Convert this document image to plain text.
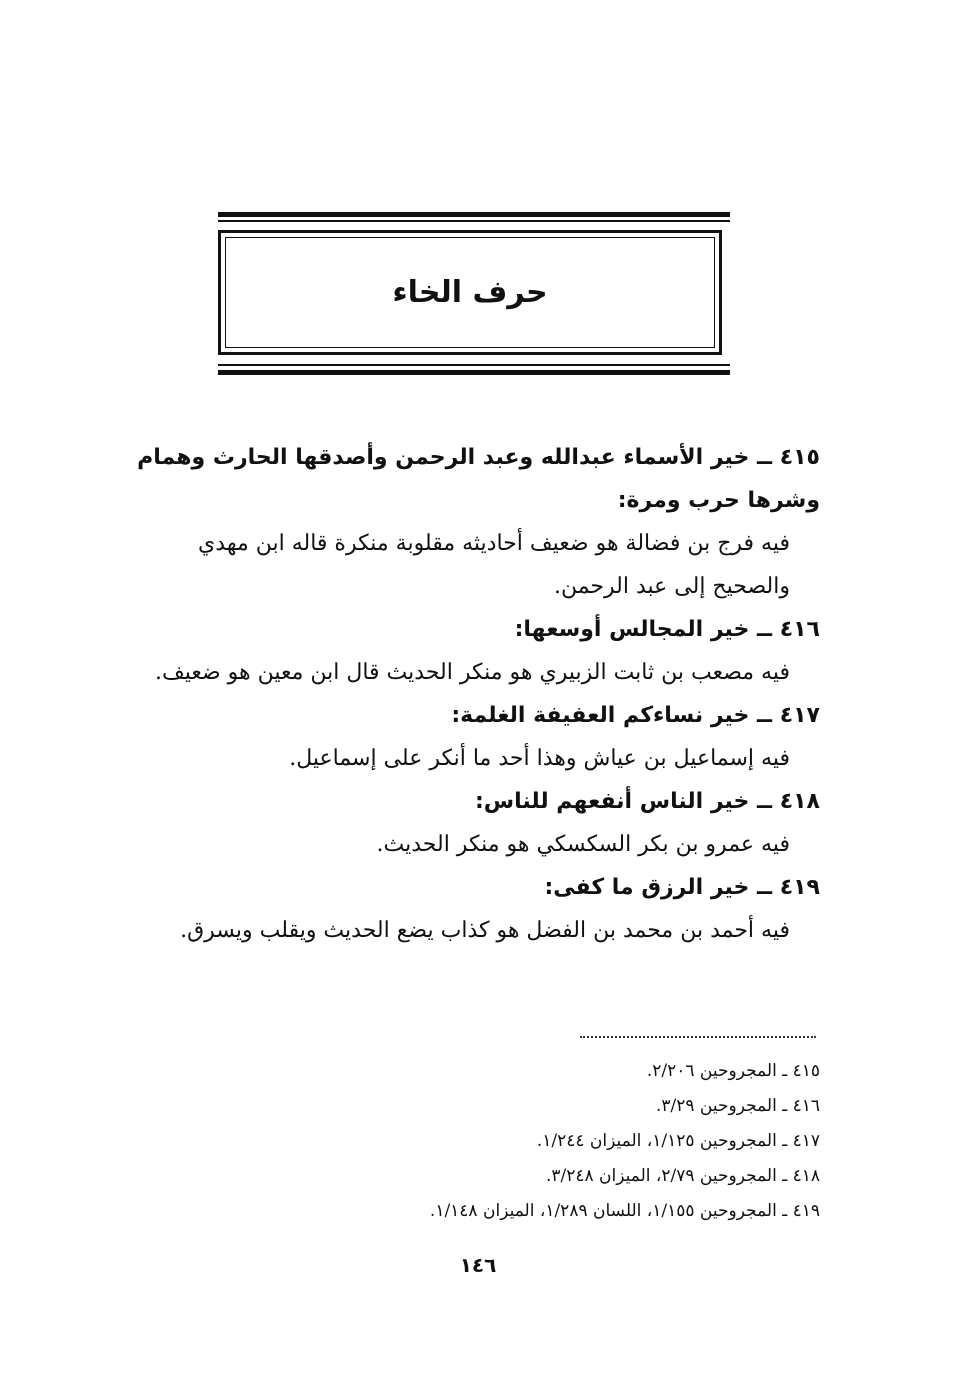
حرف الخاء

٤١٥ ــ خير الأسماء عبدالله وعبد الرحمن وأصدقها الحارث وهمام وشرها حرب ومرة:

فيه فرج بن فضالة هو ضعيف أحاديثه مقلوبة منكرة قاله ابن مهدي والصحيح إلى عبد الرحمن.

٤١٦ ــ خير المجالس أوسعها:

فيه مصعب بن ثابت الزبيري هو منكر الحديث قال ابن معين هو ضعيف.

٤١٧ ــ خير نساءكم العفيفة الغلمة:

فيه إسماعيل بن عياش وهذا أحد ما أنكر على إسماعيل.

٤١٨ ــ خير الناس أنفعهم للناس:

فيه عمرو بن بكر السكسكي هو منكر الحديث.

٤١٩ ــ خير الرزق ما كفى:

فيه أحمد بن محمد بن الفضل هو كذاب يضع الحديث ويقلب ويسرق.

٤١٥ ـ المجروحين ٢/٢٠٦.

٤١٦ ـ المجروحين ٣/٢٩.

٤١٧ ـ المجروحين ١/١٢٥، الميزان ١/٢٤٤.

٤١٨ ـ المجروحين ٢/٧٩، الميزان ٣/٢٤٨.

٤١٩ ـ المجروحين ١/١٥٥، اللسان ١/٢٨٩، الميزان ١/١٤٨.

١٤٦
